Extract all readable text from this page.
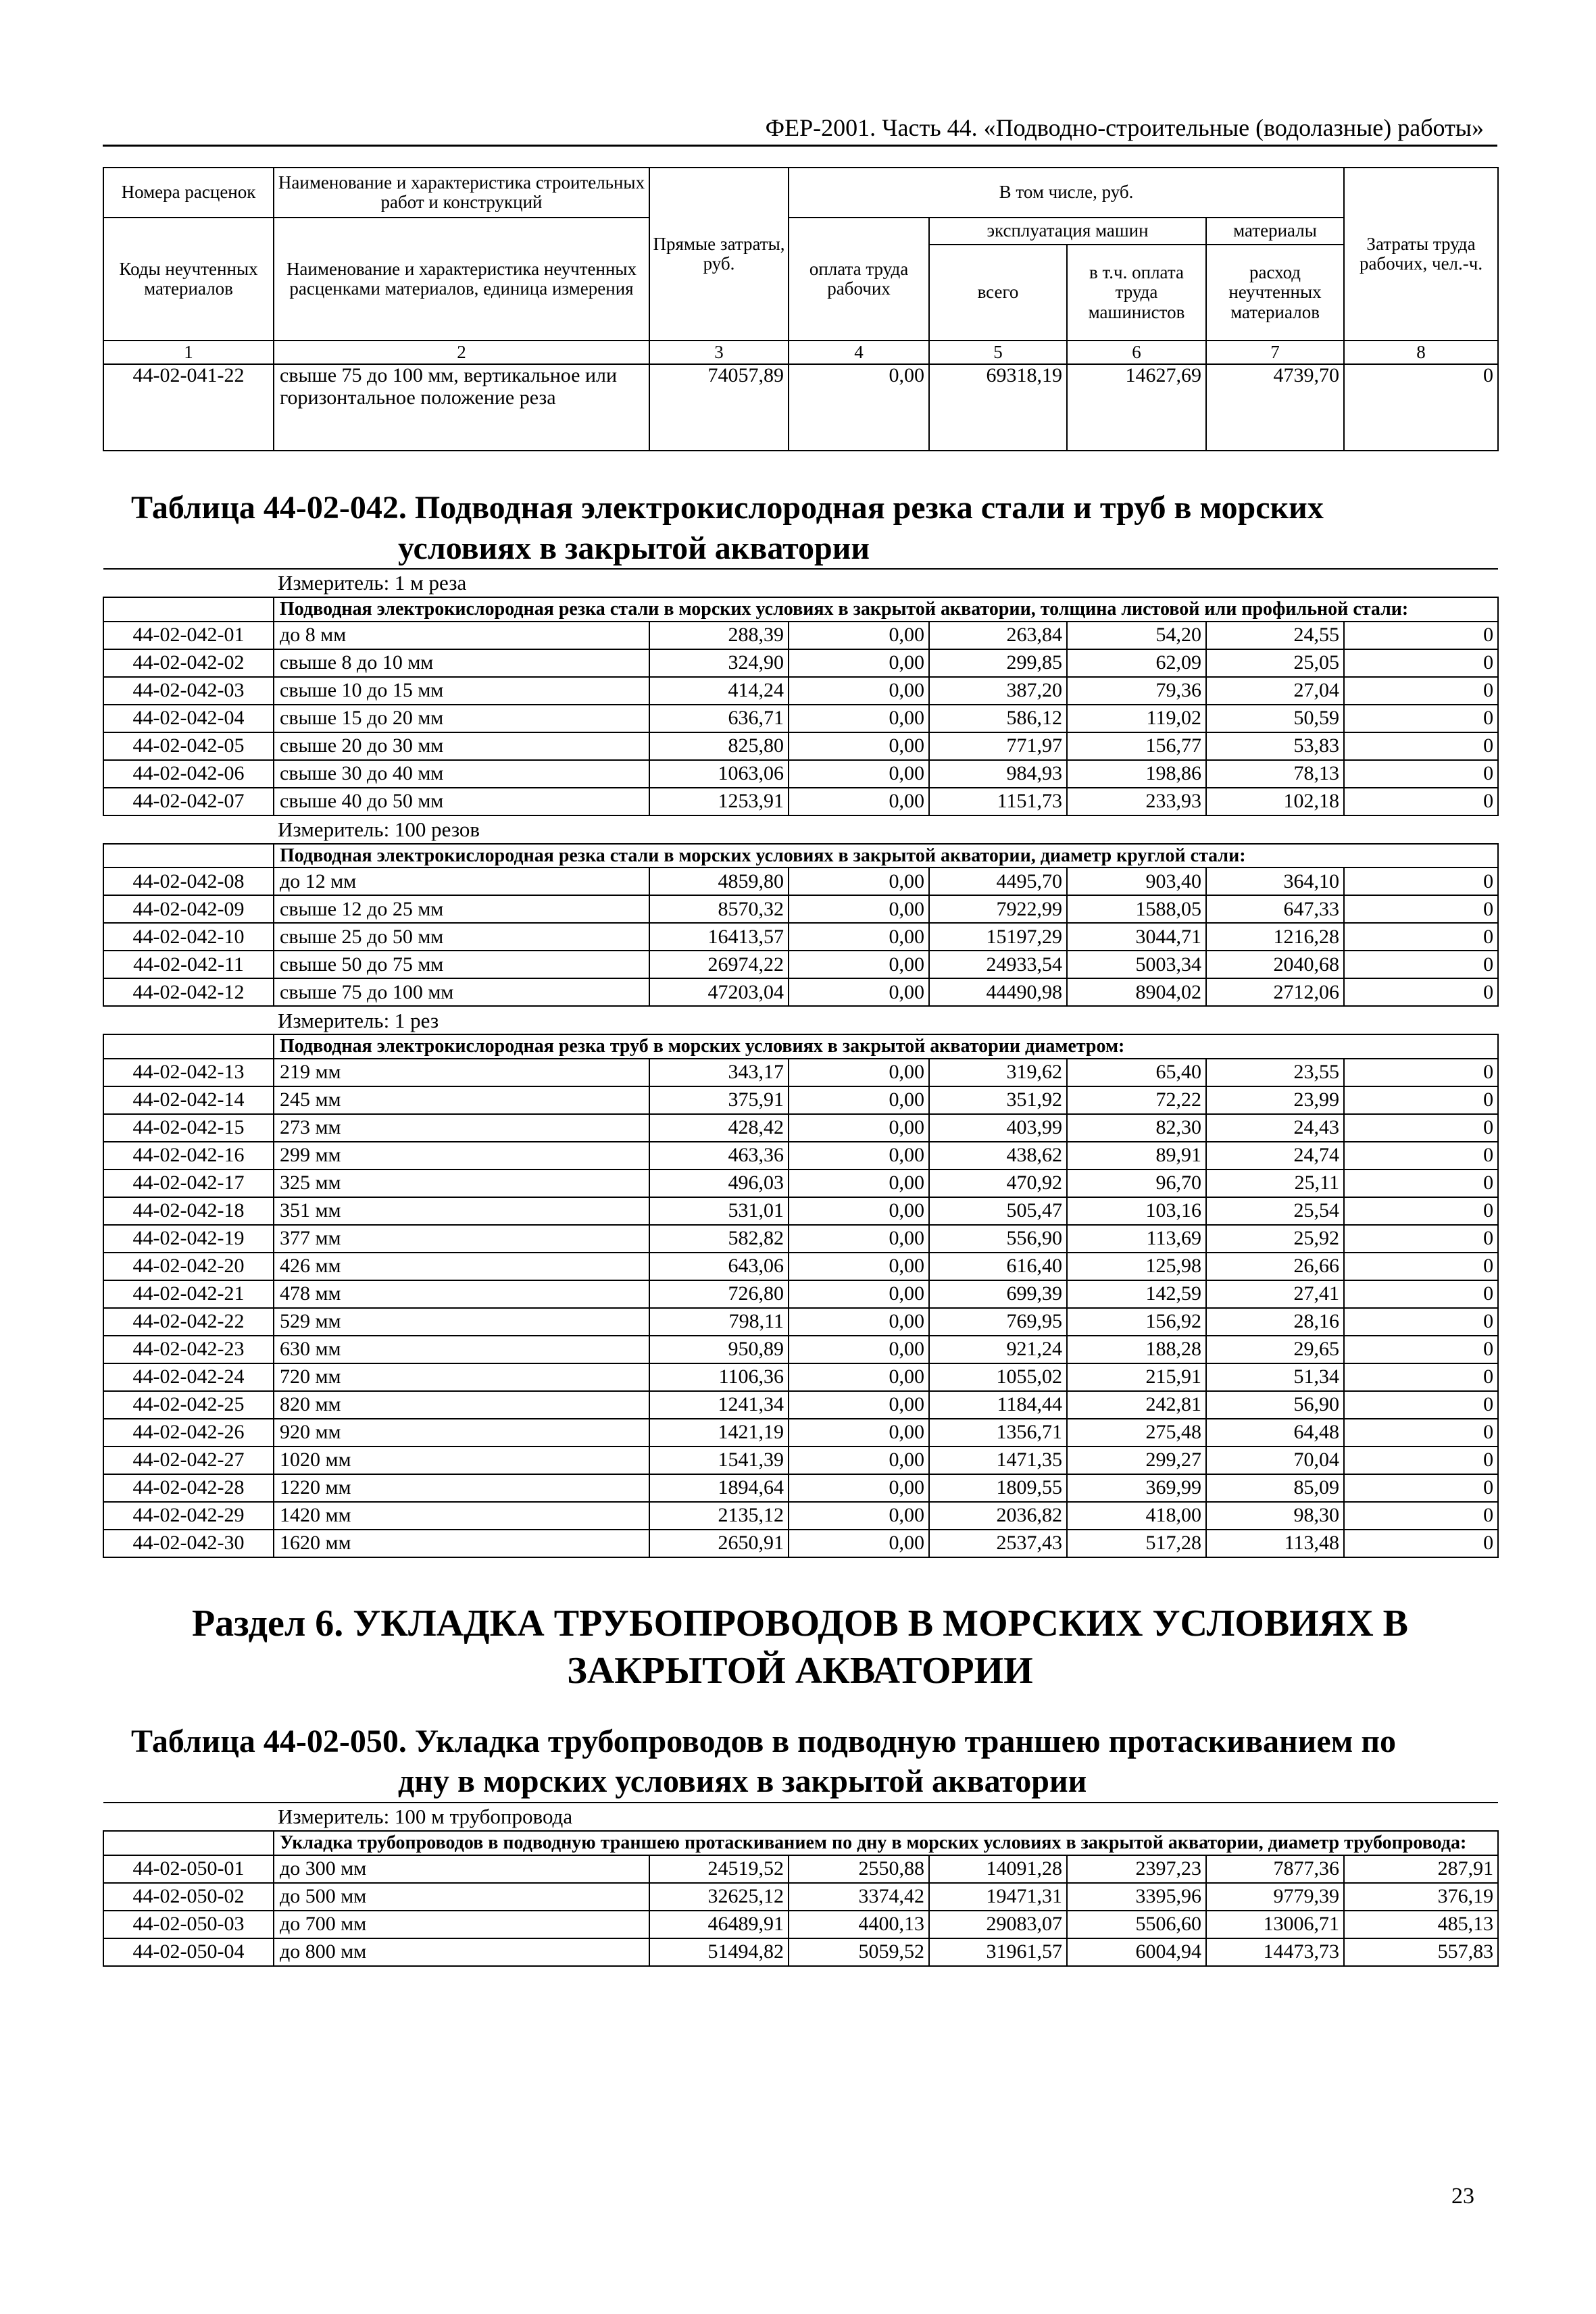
ФЕР-2001. Часть 44. «Подводно-строительные (водолазные) работы»
Номера расценок	Наименование и характеристика строительных работ и конструкций	Прямые затраты, руб.	В том числе, руб.				Затраты труда рабочих, чел.-ч.
Коды неучтенных материалов	Наименование и характеристика неучтенных расценками материалов, единица измерения		оплата труда рабочих	эксплуатация машин		материалы	
				всего	в т.ч. оплата труда машинистов	расход неучтенных материалов	
1	2	3	4	5	6	7	8
44-02-041-22	свыше 75 до 100 мм, вертикальное или горизонтальное положение реза	74057,89	0,00	69318,19	14627,69	4739,70	0
Таблица 44-02-042. Подводная электрокислородная резка стали и труб в морских
условиях в закрытой акватории
Измеритель: 1 м реза							
	Подводная электрокислородная резка стали в морских условиях в закрытой акватории, толщина листовой или профильной стали:						
44-02-042-01	до 8 мм	288,39	0,00	263,84	54,20	24,55	0
44-02-042-02	свыше 8 до 10 мм	324,90	0,00	299,85	62,09	25,05	0
44-02-042-03	свыше 10 до 15 мм	414,24	0,00	387,20	79,36	27,04	0
44-02-042-04	свыше 15 до 20 мм	636,71	0,00	586,12	119,02	50,59	0
44-02-042-05	свыше 20 до 30 мм	825,80	0,00	771,97	156,77	53,83	0
44-02-042-06	свыше 30 до 40 мм	1063,06	0,00	984,93	198,86	78,13	0
44-02-042-07	свыше 40 до 50 мм	1253,91	0,00	1151,73	233,93	102,18	0
Измеритель: 100 резов							
	Подводная электрокислородная резка стали в морских условиях в закрытой акватории, диаметр круглой стали:						
44-02-042-08	до 12 мм	4859,80	0,00	4495,70	903,40	364,10	0
44-02-042-09	свыше 12 до 25 мм	8570,32	0,00	7922,99	1588,05	647,33	0
44-02-042-10	свыше 25 до 50 мм	16413,57	0,00	15197,29	3044,71	1216,28	0
44-02-042-11	свыше 50 до 75 мм	26974,22	0,00	24933,54	5003,34	2040,68	0
44-02-042-12	свыше 75 до 100 мм	47203,04	0,00	44490,98	8904,02	2712,06	0
Измеритель: 1 рез							
	Подводная электрокислородная резка труб в морских условиях в закрытой акватории диаметром:						
44-02-042-13	219 мм	343,17	0,00	319,62	65,40	23,55	0
44-02-042-14	245 мм	375,91	0,00	351,92	72,22	23,99	0
44-02-042-15	273 мм	428,42	0,00	403,99	82,30	24,43	0
44-02-042-16	299 мм	463,36	0,00	438,62	89,91	24,74	0
44-02-042-17	325 мм	496,03	0,00	470,92	96,70	25,11	0
44-02-042-18	351 мм	531,01	0,00	505,47	103,16	25,54	0
44-02-042-19	377 мм	582,82	0,00	556,90	113,69	25,92	0
44-02-042-20	426 мм	643,06	0,00	616,40	125,98	26,66	0
44-02-042-21	478 мм	726,80	0,00	699,39	142,59	27,41	0
44-02-042-22	529 мм	798,11	0,00	769,95	156,92	28,16	0
44-02-042-23	630 мм	950,89	0,00	921,24	188,28	29,65	0
44-02-042-24	720 мм	1106,36	0,00	1055,02	215,91	51,34	0
44-02-042-25	820 мм	1241,34	0,00	1184,44	242,81	56,90	0
44-02-042-26	920 мм	1421,19	0,00	1356,71	275,48	64,48	0
44-02-042-27	1020 мм	1541,39	0,00	1471,35	299,27	70,04	0
44-02-042-28	1220 мм	1894,64	0,00	1809,55	369,99	85,09	0
44-02-042-29	1420 мм	2135,12	0,00	2036,82	418,00	98,30	0
44-02-042-30	1620 мм	2650,91	0,00	2537,43	517,28	113,48	0
Раздел 6. УКЛАДКА ТРУБОПРОВОДОВ В МОРСКИХ УСЛОВИЯХ В
ЗАКРЫТОЙ АКВАТОРИИ
Таблица 44-02-050. Укладка трубопроводов в подводную траншею протаскиванием по
дну в морских условиях в закрытой акватории
Измеритель: 100 м трубопровода							
	Укладка трубопроводов в подводную траншею протаскиванием по дну в морских условиях в закрытой акватории, диаметр трубопровода:						
44-02-050-01	до 300 мм	24519,52	2550,88	14091,28	2397,23	7877,36	287,91
44-02-050-02	до 500 мм	32625,12	3374,42	19471,31	3395,96	9779,39	376,19
44-02-050-03	до 700 мм	46489,91	4400,13	29083,07	5506,60	13006,71	485,13
44-02-050-04	до 800 мм	51494,82	5059,52	31961,57	6004,94	14473,73	557,83
23
